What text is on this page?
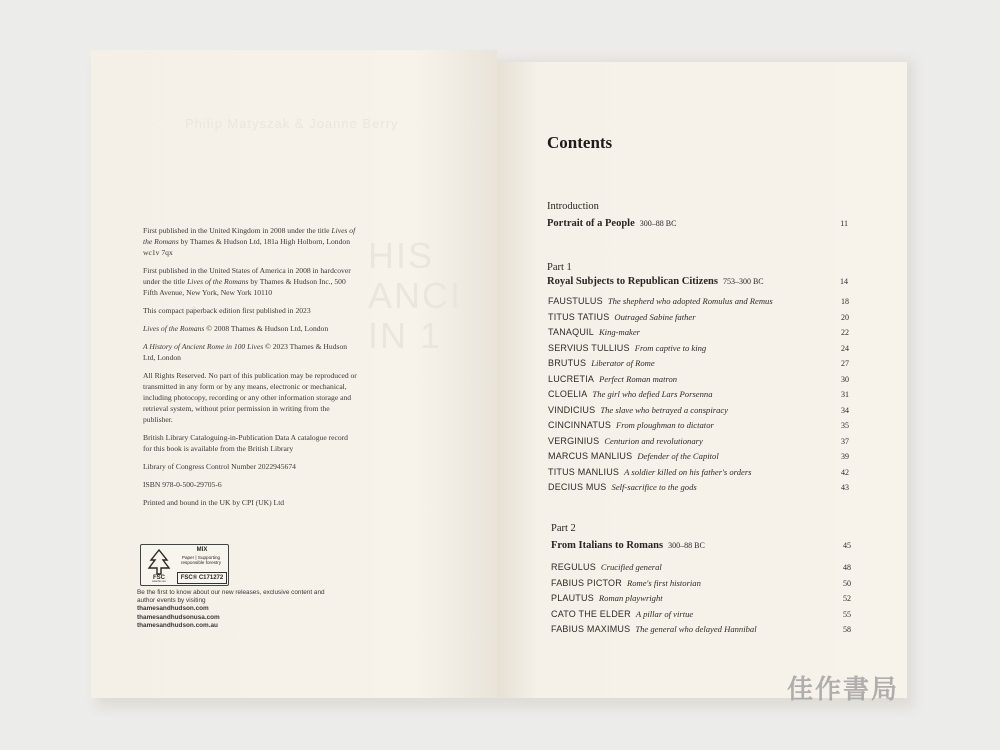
Philip Matyszak & Joanne Berry
HIS
ANCI
IN 1

First published in the United Kingdom in 2008 under the title Lives of the Romans by Thames & Hudson Ltd, 181a High Holborn, London wc1v 7qx

First published in the United States of America in 2008 in hardcover under the title Lives of the Romans by Thames & Hudson Inc., 500 Fifth Avenue, New York, New York 10110

This compact paperback edition first published in 2023

Lives of the Romans © 2008 Thames & Hudson Ltd, London

A History of Ancient Rome in 100 Lives © 2023 Thames & Hudson Ltd, London

All Rights Reserved. No part of this publication may be reproduced or transmitted in any form or by any means, electronic or mechanical, including photocopy, recording or any other information storage and retrieval system, without prior permission in writing from the publisher.

British Library Cataloguing-in-Publication Data A catalogue record for this book is available from the British Library

Library of Congress Control Number 2022945674

ISBN 978-0-500-29705-6

Printed and bound in the UK by CPI (UK) Ltd

FSC
www.fsc.org
MIX
Paper | Supporting responsible forestry
FSC® C171272
Be the first to know about our new releases, exclusive content and author events by visiting
thamesandhudson.com
thamesandhudsonusa.com
thamesandhudson.com.au
Contents
Introduction
Portrait of a People 300–88 BC	11
Part 1
Royal Subjects to Republican Citizens 753–300 BC	14
FAUSTULUS The shepherd who adopted Romulus and Remus	18
TITUS TATIUS Outraged Sabine father	20
TANAQUIL King-maker	22
SERVIUS TULLIUS From captive to king	24
BRUTUS Liberator of Rome	27
LUCRETIA Perfect Roman matron	30
CLOELIA The girl who defied Lars Porsenna	31
VINDICIUS The slave who betrayed a conspiracy	34
CINCINNATUS From ploughman to dictator	35
VERGINIUS Centurion and revolutionary	37
MARCUS MANLIUS Defender of the Capitol	39
TITUS MANLIUS A soldier killed on his father's orders	42
DECIUS MUS Self-sacrifice to the gods	43
Part 2
From Italians to Romans 300–88 BC	45
REGULUS Crucified general	48
FABIUS PICTOR Rome's first historian	50
PLAUTUS Roman playwright	52
CATO THE ELDER A pillar of virtue	55
FABIUS MAXIMUS The general who delayed Hannibal	58
佳作書局
